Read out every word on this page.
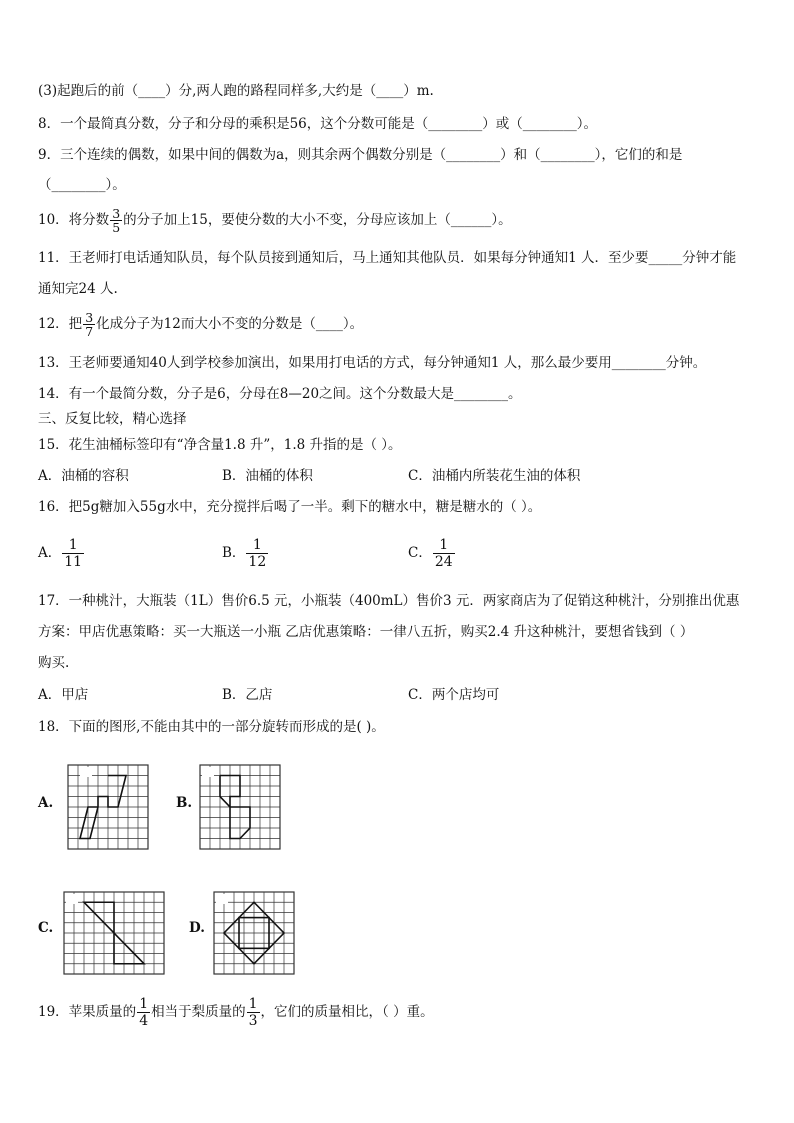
(3)起跑后的前（____）分,两人跑的路程同样多,大约是（____）m.
8．一个最简真分数，分子和分母的乘积是56，这个分数可能是（________）或（________）。
9．三个连续的偶数，如果中间的偶数为a，则其余两个偶数分别是（________）和（________），它们的和是
（________）。
10．将分数 $\frac{3}{5}$ 的分子加上15，要使分数的大小不变，分母应该加上（______）。
11．王老师打电话通知队员，每个队员接到通知后，马上通知其他队员．如果每分钟通知1 人．至少要_____分钟才能
通知完24 人.
12．把 $\frac{3}{7}$ 化成分子为12而大小不变的分数是（____）。
13．王老师要通知40人到学校参加演出，如果用打电话的方式，每分钟通知1 人，那么最少要用________分钟。
14．有一个最简分数，分子是6，分母在8—20之间。这个分数最大是________。
三、反复比较，精心选择
15．花生油桶标签印有“净含量1.8 升”，1.8 升指的是（ ）。
A．油桶的容积	B．油桶的体积	C．油桶内所装花生油的体积
16．把5g糖加入55g水中，充分搅拌后喝了一半。剩下的糖水中，糖是糖水的（ ）。
A． $\frac{1}{11}$	B． $\frac{1}{12}$	C． $\frac{1}{24}$
17．一种桃汁，大瓶装（1L）售价6.5 元，小瓶装（400mL）售价3 元．两家商店为了促销这种桃汁，分别推出优惠
方案：甲店优惠策略：买一大瓶送一小瓶 乙店优惠策略：一律八五折，购买2.4 升这种桃汁，要想省钱到（ ）
购买.
A．甲店	B．乙店	C．两个店均可
18．下面的图形,不能由其中的一部分旋转而形成的是( )。
A.	B.
C.	D.
19．苹果质量的 $\frac{1}{4}$ 相当于梨质量的 $\frac{1}{3}$ ，它们的质量相比，（ ）重。
